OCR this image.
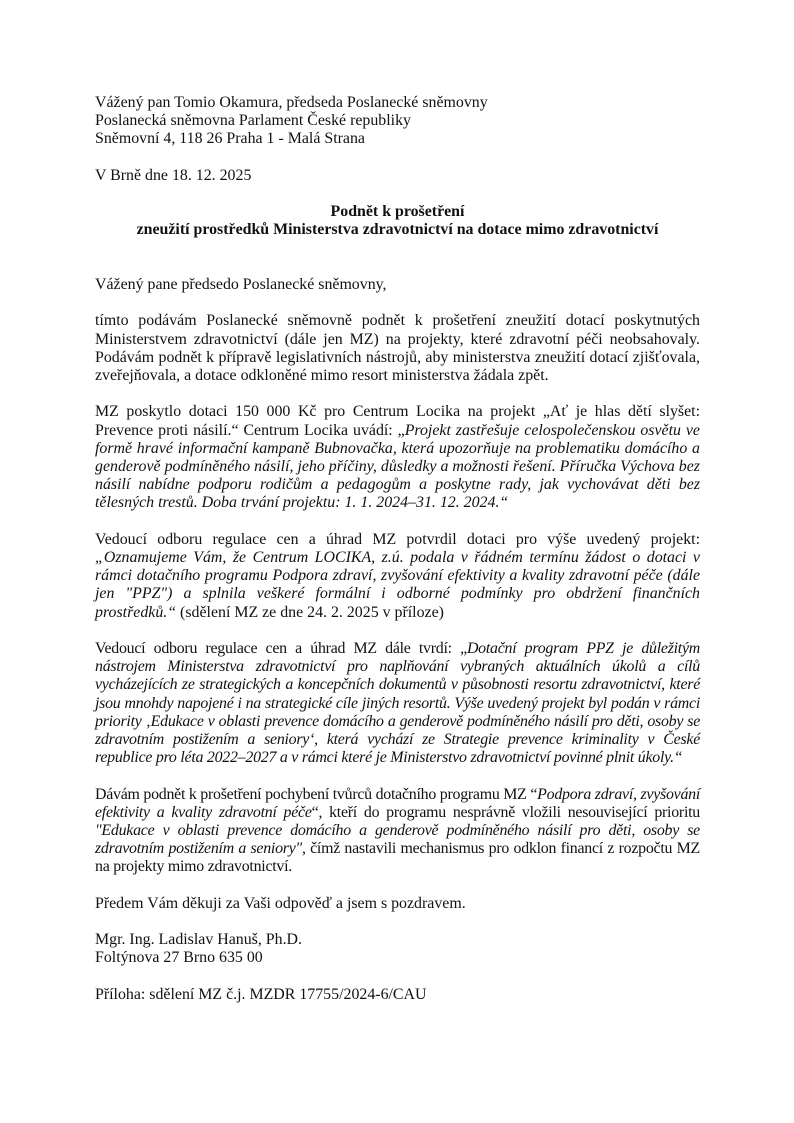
Vážený pan Tomio Okamura, předseda Poslanecké sněmovny
Poslanecká sněmovna Parlament České republiky
Sněmovní 4, 118 26 Praha 1 - Malá Strana
V Brně dne 18. 12. 2025
Podnět k prošetření
zneužití prostředků Ministerstva zdravotnictví na dotace mimo zdravotnictví
Vážený pane předsedo Poslanecké sněmovny,

tímto podávám Poslanecké sněmovně podnět k prošetření zneužití dotací poskytnutých Ministerstvem zdravotnictví (dále jen MZ) na projekty, které zdravotní péči neobsahovaly. Podávám podnět k přípravě legislativních nástrojů, aby ministerstva zneužití dotací zjišťovala, zveřejňovala, a dotace odkloněné mimo resort ministerstva žádala zpět.

MZ poskytlo dotaci 150 000 Kč pro Centrum Locika na projekt „Ať je hlas dětí slyšet: Prevence proti násilí.“ Centrum Locika uvádí: „Projekt zastřešuje celospolečenskou osvětu ve formě hravé informační kampaně Bubnovačka, která upozorňuje na problematiku domácího a genderově podmíněného násilí, jeho příčiny, důsledky a možnosti řešení. Příručka Výchova bez násilí nabídne podporu rodičům a pedagogům a poskytne rady, jak vychovávat děti bez tělesných trestů. Doba trvání projektu: 1. 1. 2024–31. 12. 2024.“

Vedoucí odboru regulace cen a úhrad MZ potvrdil dotaci pro výše uvedený projekt: „Oznamujeme Vám, že Centrum LOCIKA, z.ú. podala v řádném termínu žádost o dotaci v rámci dotačního programu Podpora zdraví, zvyšování efektivity a kvality zdravotní péče (dále jen "PPZ") a splnila veškeré formální i odborné podmínky pro obdržení finančních prostředků.“ (sdělení MZ ze dne 24. 2. 2025 v příloze)

Vedoucí odboru regulace cen a úhrad MZ dále tvrdí: „Dotační program PPZ je důležitým nástrojem Ministerstva zdravotnictví pro naplňování vybraných aktuálních úkolů a cílů vycházejících ze strategických a koncepčních dokumentů v působnosti resortu zdravotnictví, které jsou mnohdy napojené i na strategické cíle jiných resortů. Výše uvedený projekt byl podán v rámci priority ‚Edukace v oblasti prevence domácího a genderově podmíněného násilí pro děti, osoby se zdravotním postižením a seniory‘, která vychází ze Strategie prevence kriminality v České republice pro léta 2022–2027 a v rámci které je Ministerstvo zdravotnictví povinné plnit úkoly.“

Dávám podnět k prošetření pochybení tvůrců dotačního programu MZ “Podpora zdraví, zvyšování efektivity a kvality zdravotní péče“, kteří do programu nesprávně vložili nesouvisející prioritu "Edukace v oblasti prevence domácího a genderově podmíněného násilí pro děti, osoby se zdravotním postižením a seniory", čímž nastavili mechanismus pro odklon financí z rozpočtu MZ na projekty mimo zdravotnictví.

Předem Vám děkuji za Vaši odpověď a jsem s pozdravem.
Mgr. Ing. Ladislav Hanuš, Ph.D.
Foltýnova 27 Brno 635 00
Příloha: sdělení MZ č.j. MZDR 17755/2024-6/CAU
